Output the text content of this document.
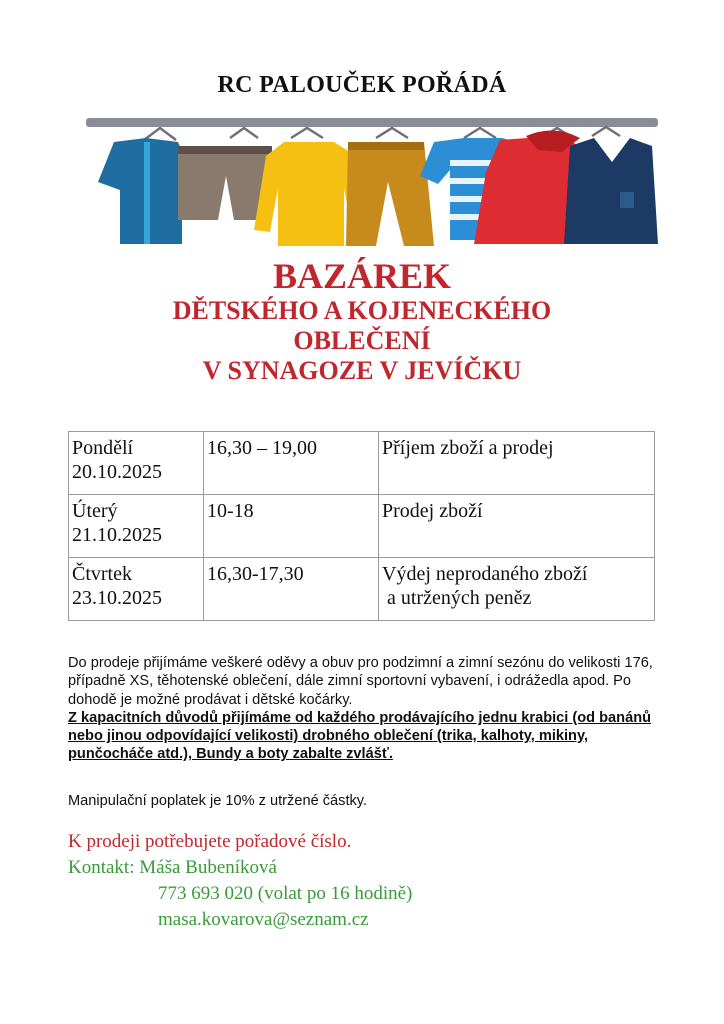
RC PALOUČEK POŘÁDÁ
BAZÁREK
DĚTSKÉHO A KOJENECKÉHO
OBLEČENÍ
V SYNAGOZE V JEVÍČKU
Pondělí
20.10.2025	16,30 – 19,00	Příjem zboží a prodej
Úterý
21.10.2025	10-18	Prodej zboží
Čtvrtek
23.10.2025	16,30-17,30	Výdej neprodaného zboží
a utržených peněz
Do prodeje přijímáme veškeré oděvy a obuv pro podzimní a zimní sezónu do velikosti 176, případně XS, těhotenské oblečení, dále zimní sportovní vybavení, i odrážedla apod. Po dohodě je možné prodávat i dětské kočárky.
Z kapacitních důvodů přijímáme od každého prodávajícího jednu krabici (od banánů nebo jinou odpovídající velikosti) drobného oblečení (trika, kalhoty, mikiny, punčocháče atd.), Bundy a boty zabalte zvlášť.
Manipulační poplatek je 10% z utržené částky.
K prodeji potřebujete pořadové číslo.
Kontakt: Máša Bubeníková
773 693 020 (volat po 16 hodině)
masa.kovarova@seznam.cz
